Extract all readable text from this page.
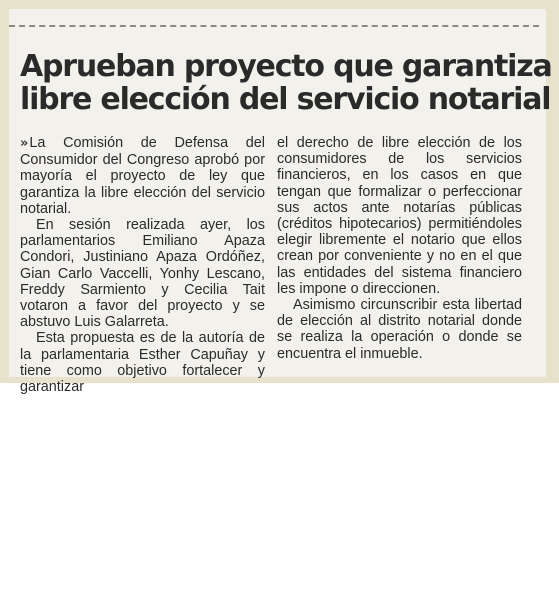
Aprueban proyecto que garantiza
libre elección del servicio notarial

» La Comisión de Defensa del Consumidor del Congreso aprobó por mayoría el proyecto de ley que garantiza la libre elección del servicio notarial.

En sesión realizada ayer, los parlamentarios Emiliano Apaza Condori, Justiniano Apaza Ordóñez, Gian Carlo Vaccelli, Yonhy Lescano, Freddy Sarmiento y Cecilia Tait votaron a favor del proyecto y se abstuvo Luis Galarreta.

Esta propuesta es de la autoría de la parlamentaria Esther Capuñay y tiene como objetivo fortalecer y garantizar

el derecho de libre elección de los consumidores de los servicios financieros, en los casos en que tengan que formalizar o perfeccionar sus actos ante notarías públicas (créditos hipotecarios) permitiéndoles elegir libremente el notario que ellos crean por conveniente y no en el que las entidades del sistema financiero les impone o direccionen.

Asimismo circunscribir esta libertad de elección al distrito notarial donde se realiza la operación o donde se encuentra el inmueble.
